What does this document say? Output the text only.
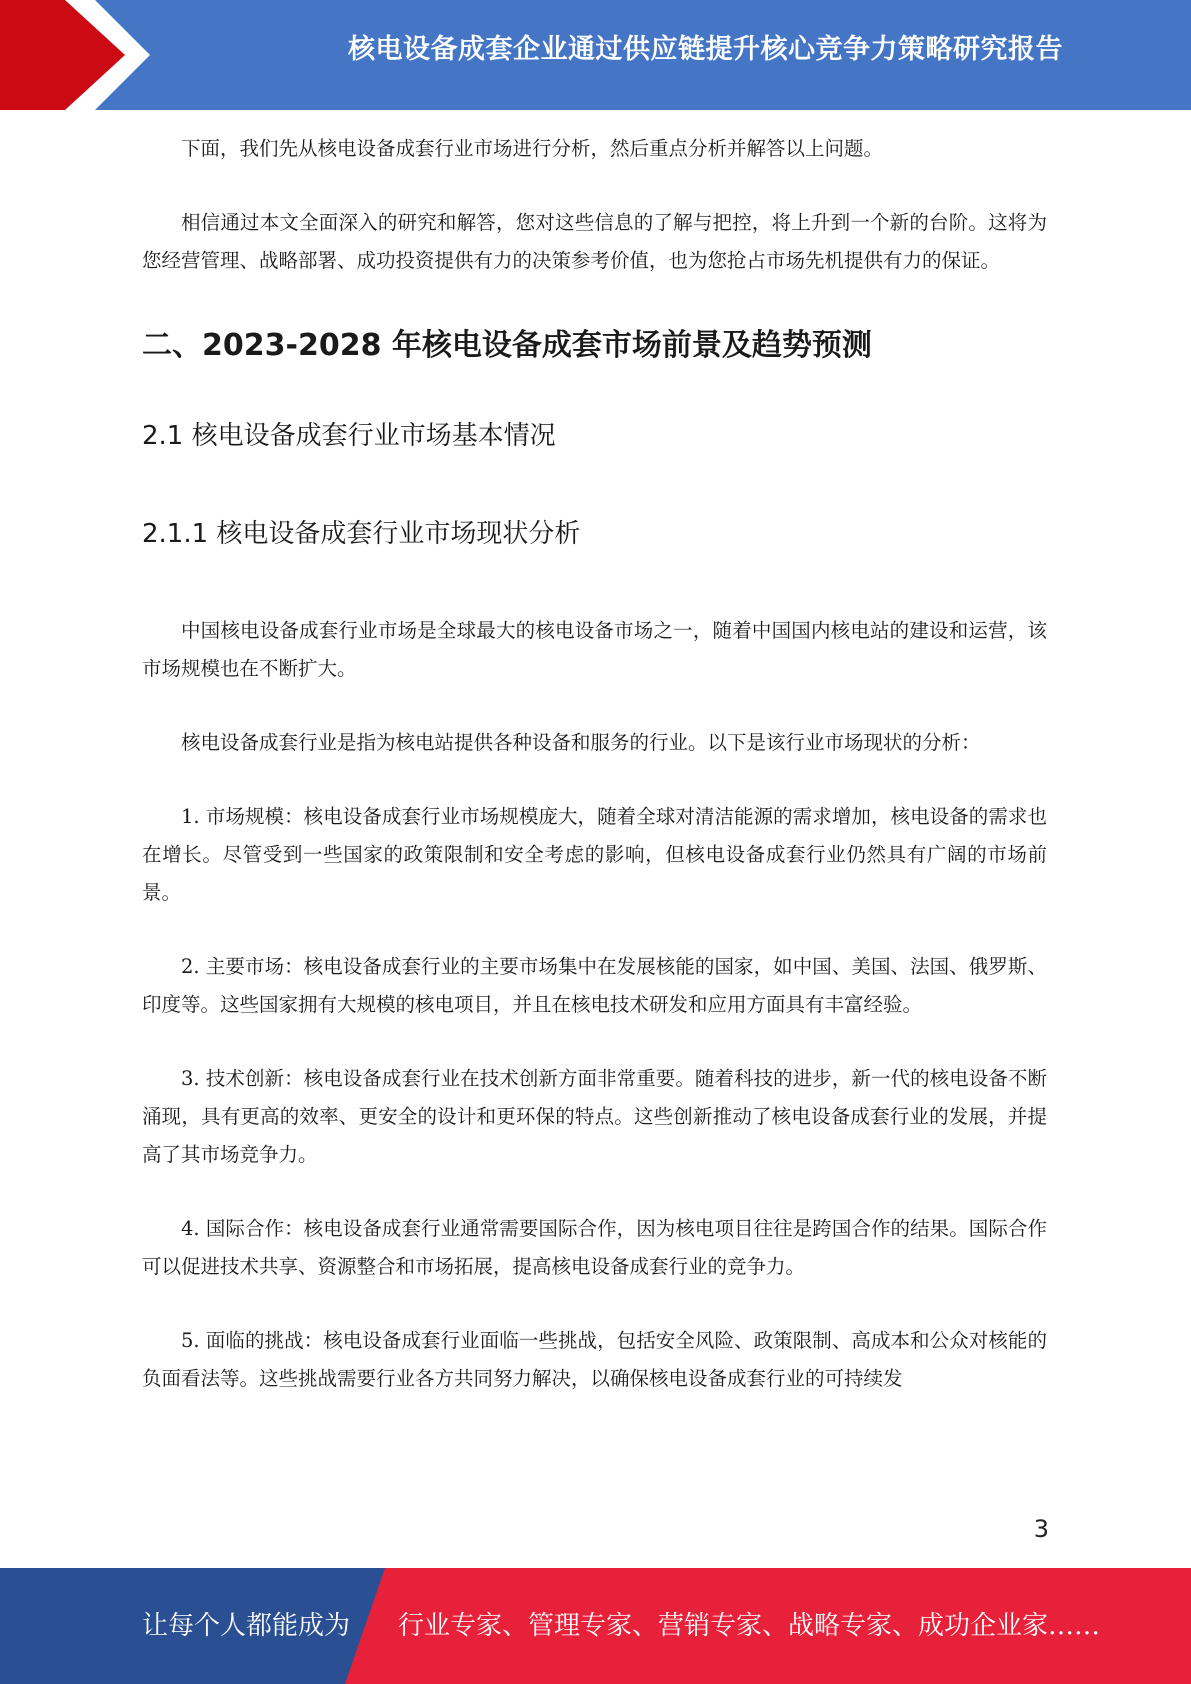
核电设备成套企业通过供应链提升核心竞争力策略研究报告

下面，我们先从核电设备成套行业市场进行分析，然后重点分析并解答以上问题。

相信通过本文全面深入的研究和解答，您对这些信息的了解与把控，将上升到一个新的台阶。这将为您经营管理、战略部署、成功投资提供有力的决策参考价值，也为您抢占市场先机提供有力的保证。

二、2023-2028 年核电设备成套市场前景及趋势预测
2.1 核电设备成套行业市场基本情况
2.1.1 核电设备成套行业市场现状分析

中国核电设备成套行业市场是全球最大的核电设备市场之一，随着中国国内核电站的建设和运营，该市场规模也在不断扩大。

核电设备成套行业是指为核电站提供各种设备和服务的行业。以下是该行业市场现状的分析：

1. 市场规模：核电设备成套行业市场规模庞大，随着全球对清洁能源的需求增加，核电设备的需求也在增长。尽管受到一些国家的政策限制和安全考虑的影响，但核电设备成套行业仍然具有广阔的市场前景。

2. 主要市场：核电设备成套行业的主要市场集中在发展核能的国家，如中国、美国、法国、俄罗斯、印度等。这些国家拥有大规模的核电项目，并且在核电技术研发和应用方面具有丰富经验。

3. 技术创新：核电设备成套行业在技术创新方面非常重要。随着科技的进步，新一代的核电设备不断涌现，具有更高的效率、更安全的设计和更环保的特点。这些创新推动了核电设备成套行业的发展，并提高了其市场竞争力。

4. 国际合作：核电设备成套行业通常需要国际合作，因为核电项目往往是跨国合作的结果。国际合作可以促进技术共享、资源整合和市场拓展，提高核电设备成套行业的竞争力。

5. 面临的挑战：核电设备成套行业面临一些挑战，包括安全风险、政策限制、高成本和公众对核能的负面看法等。这些挑战需要行业各方共同努力解决，以确保核电设备成套行业的可持续发

3
让每个人都能成为 行业专家、管理专家、营销专家、战略专家、成功企业家……
